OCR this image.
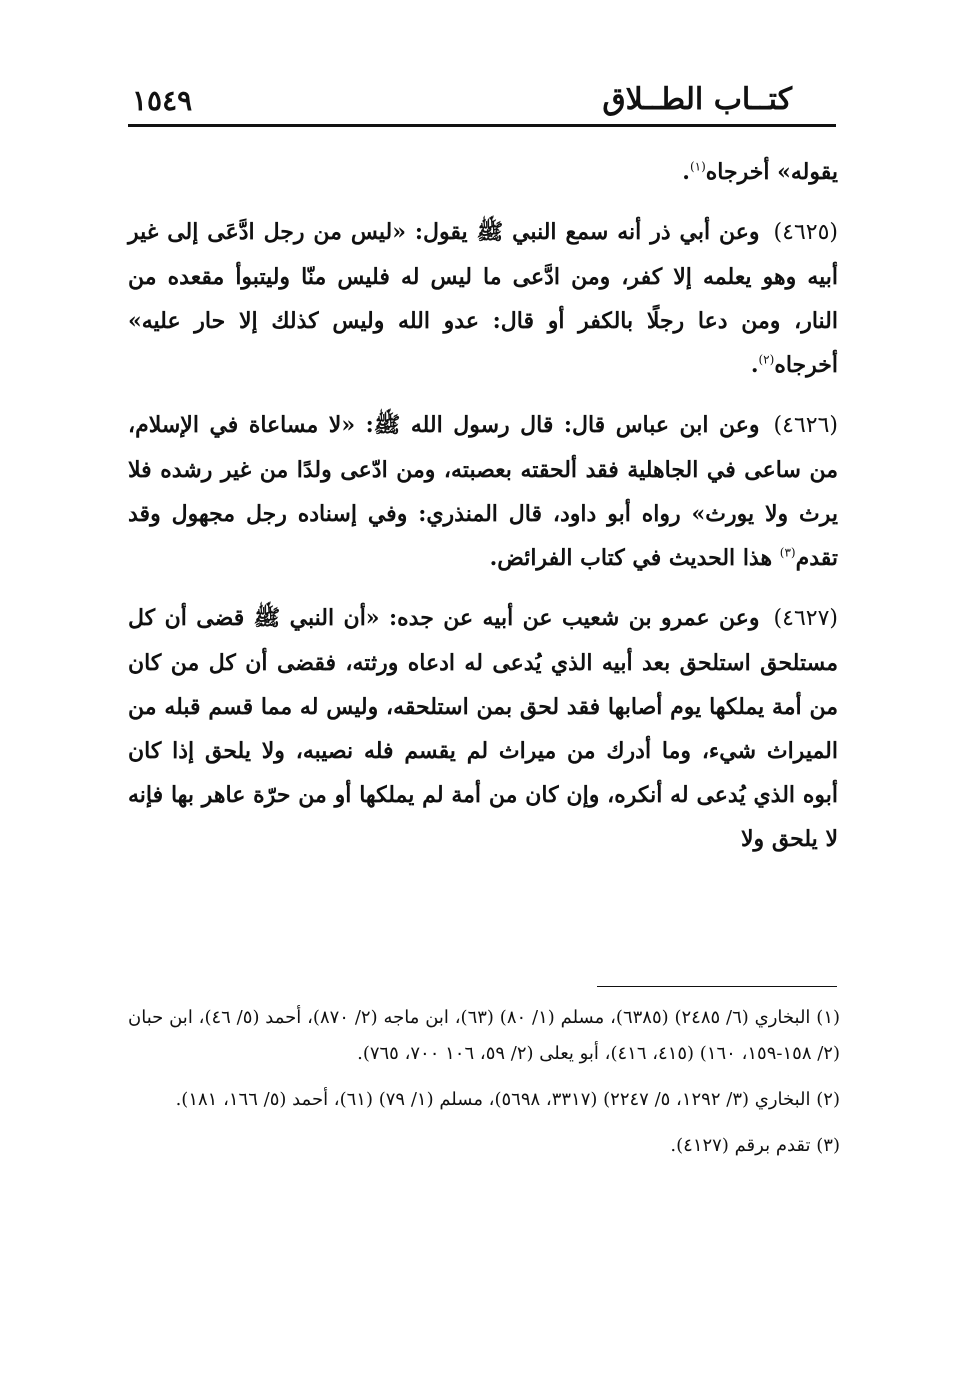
كتــاب الطــلاق
١٥٤٩

يقوله» أخرجاه$^{(١)}$.

(٤٦٢٥)وعن أبي ذر أنه سمع النبي ﷺ يقول: «ليس من رجل ادَّعَى إلى غير أبيه وهو يعلمه إلا كفر، ومن ادَّعى ما ليس له فليس منّا وليتبوأ مقعده من النار، ومن دعا رجلًا بالكفر أو قال: عدو الله وليس كذلك إلا حار عليه» أخرجاه$^{(٢)}$.

(٤٦٢٦)وعن ابن عباس قال: قال رسول الله ﷺ: «لا مساعاة في الإسلام، من ساعى في الجاهلية فقد ألحقته بعصبته، ومن ادّعى ولدًا من غير رشده فلا يرث ولا يورث» رواه أبو داود، قال المنذري: وفي إسناده رجل مجهول وقد تقدم$^{(٣)}$ هذا الحديث في كتاب الفرائض.

(٤٦٢٧)وعن عمرو بن شعيب عن أبيه عن جده: «أن النبي ﷺ قضى أن كل مستلحق استلحق بعد أبيه الذي يُدعى له ادعاه ورثته، فقضى أن كل من كان من أمة يملكها يوم أصابها فقد لحق بمن استلحقه، وليس له مما قسم قبله من الميراث شيء، وما أدرك من ميراث لم يقسم فله نصيبه، ولا يلحق إذا كان أبوه الذي يُدعى له أنكره، وإن كان من أمة لم يملكها أو من حرّة عاهر بها فإنه لا يلحق ولا

(١) البخاري (٦/ ٢٤٨٥) (٦٣٨٥)، مسلم (١/ ٨٠) (٦٣)، ابن ماجه (٢/ ٨٧٠)، أحمد (٥/ ٤٦)، ابن حبان (٢/ ١٥٨-١٥٩، ١٦٠) (٤١٥، ٤١٦)، أبو يعلى (٢/ ٥٩، ١٠٦ ٧٠٠، ٧٦٥).

(٢) البخاري (٣/ ١٢٩٢، ٥/ ٢٢٤٧) (٣٣١٧، ٥٦٩٨)، مسلم (١/ ٧٩) (٦١)، أحمد (٥/ ١٦٦، ١٨١).

(٣) تقدم برقم (٤١٢٧).
